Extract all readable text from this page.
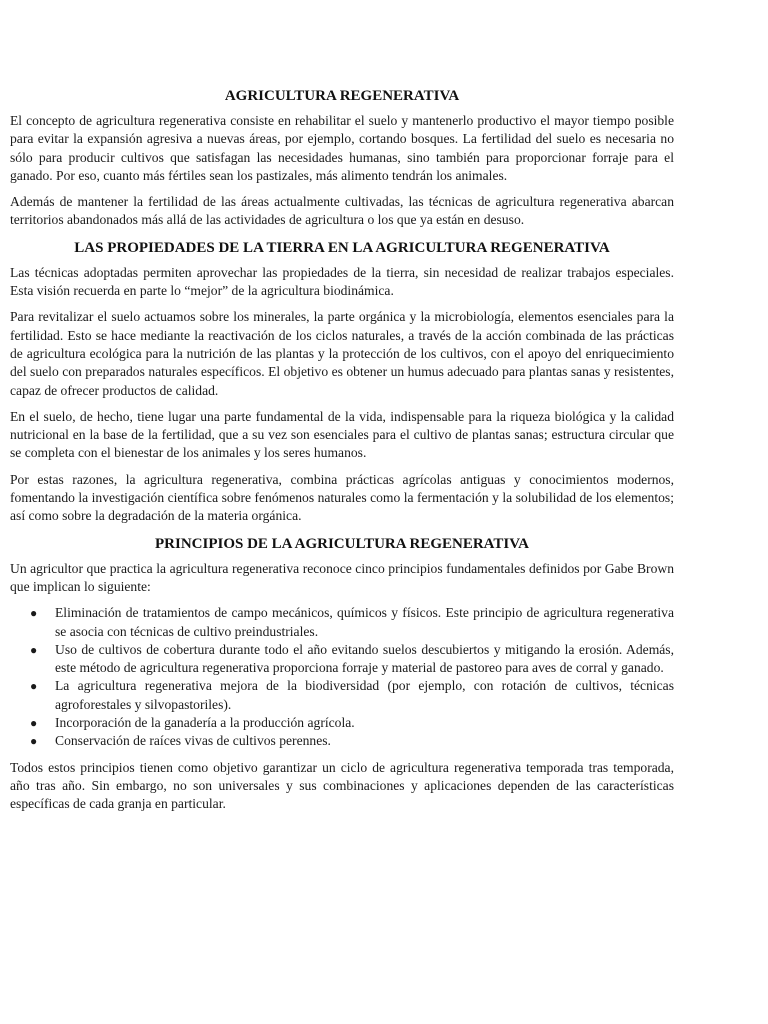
AGRICULTURA REGENERATIVA

El concepto de agricultura regenerativa consiste en rehabilitar el suelo y mantenerlo productivo el mayor tiempo posible para evitar la expansión agresiva a nuevas áreas, por ejemplo, cortando bosques. La fertilidad del suelo es necesaria no sólo para producir cultivos que satisfagan las necesidades humanas, sino también para proporcionar forraje para el ganado. Por eso, cuanto más fértiles sean los pastizales, más alimento tendrán los animales.

Además de mantener la fertilidad de las áreas actualmente cultivadas, las técnicas de agricultura regenerativa abarcan territorios abandonados más allá de las actividades de agricultura o los que ya están en desuso.

LAS PROPIEDADES DE LA TIERRA EN LA AGRICULTURA REGENERATIVA

Las técnicas adoptadas permiten aprovechar las propiedades de la tierra, sin necesidad de realizar trabajos especiales. Esta visión recuerda en parte lo “mejor” de la agricultura biodinámica.

Para revitalizar el suelo actuamos sobre los minerales, la parte orgánica y la microbiología, elementos esenciales para la fertilidad. Esto se hace mediante la reactivación de los ciclos naturales, a través de la acción combinada de las prácticas de agricultura ecológica para la nutrición de las plantas y la protección de los cultivos, con el apoyo del enriquecimiento del suelo con preparados naturales específicos. El objetivo es obtener un humus adecuado para plantas sanas y resistentes, capaz de ofrecer productos de calidad.

En el suelo, de hecho, tiene lugar una parte fundamental de la vida, indispensable para la riqueza biológica y la calidad nutricional en la base de la fertilidad, que a su vez son esenciales para el cultivo de plantas sanas; estructura circular que se completa con el bienestar de los animales y los seres humanos.

Por estas razones, la agricultura regenerativa, combina prácticas agrícolas antiguas y conocimientos modernos, fomentando la investigación científica sobre fenómenos naturales como la fermentación y la solubilidad de los elementos; así como sobre la degradación de la materia orgánica.

PRINCIPIOS DE LA AGRICULTURA REGENERATIVA

Un agricultor que practica la agricultura regenerativa reconoce cinco principios fundamentales definidos por Gabe Brown que implican lo siguiente:

● Eliminación de tratamientos de campo mecánicos, químicos y físicos. Este principio de agricultura regenerativa se asocia con técnicas de cultivo preindustriales.
● Uso de cultivos de cobertura durante todo el año evitando suelos descubiertos y mitigando la erosión. Además, este método de agricultura regenerativa proporciona forraje y material de pastoreo para aves de corral y ganado.
● La agricultura regenerativa mejora de la biodiversidad (por ejemplo, con rotación de cultivos, técnicas agroforestales y silvopastoriles).
● Incorporación de la ganadería a la producción agrícola.
● Conservación de raíces vivas de cultivos perennes.

Todos estos principios tienen como objetivo garantizar un ciclo de agricultura regenerativa temporada tras temporada, año tras año. Sin embargo, no son universales y sus combinaciones y aplicaciones dependen de las características específicas de cada granja en particular.
